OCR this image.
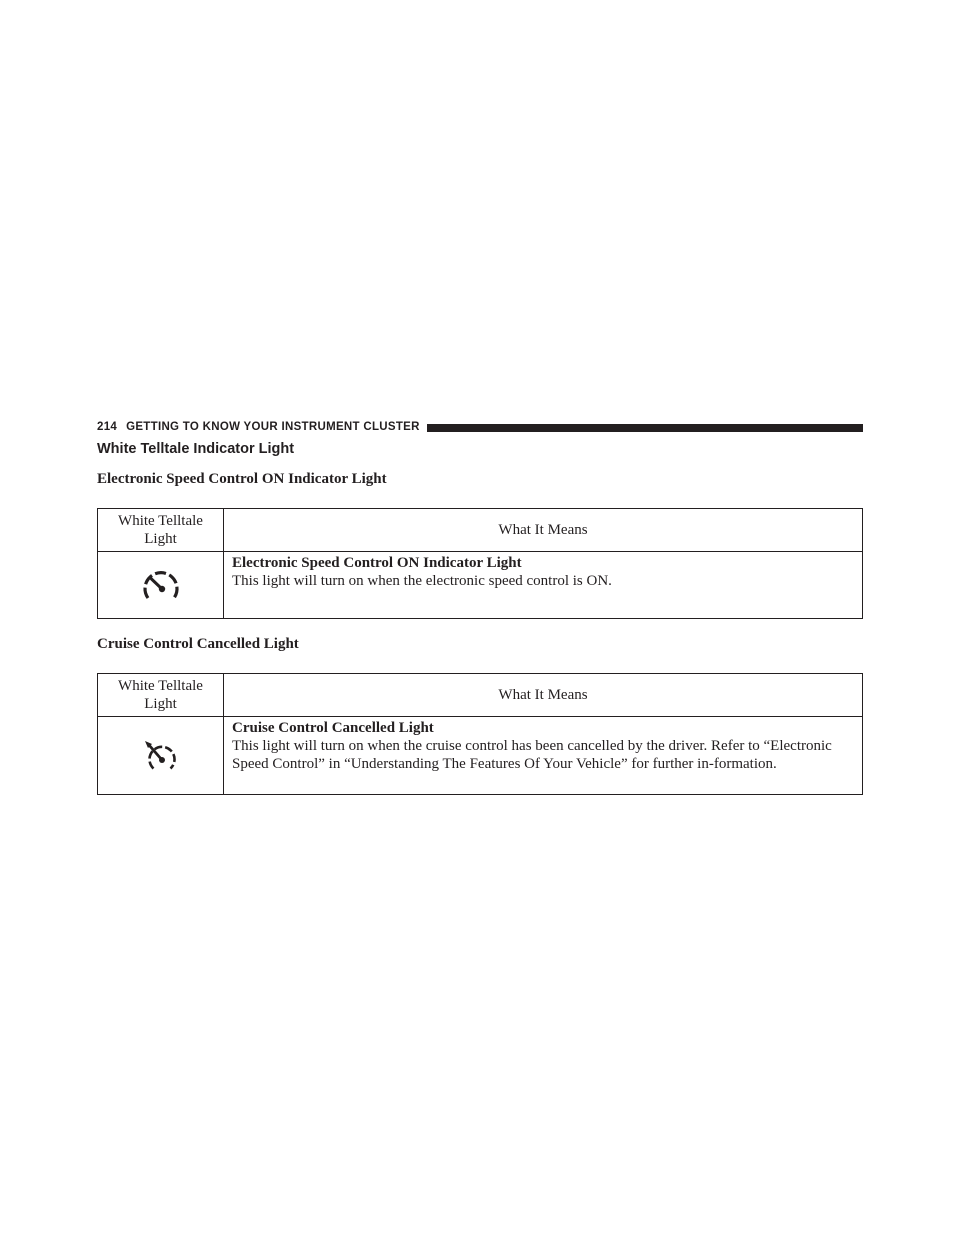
214 GETTING TO KNOW YOUR INSTRUMENT CLUSTER
White Telltale Indicator Light
Electronic Speed Control ON Indicator Light
White Telltale
Light	What It Means

Electronic Speed Control ON Indicator Light
This light will turn on when the electronic speed control is ON.
Cruise Control Cancelled Light
White Telltale
Light	What It Means

Cruise Control Cancelled Light
This light will turn on when the cruise control has been cancelled by the driver. Refer to “Electronic Speed Control” in “Understanding The Features Of Your Vehicle” for further in-formation.
